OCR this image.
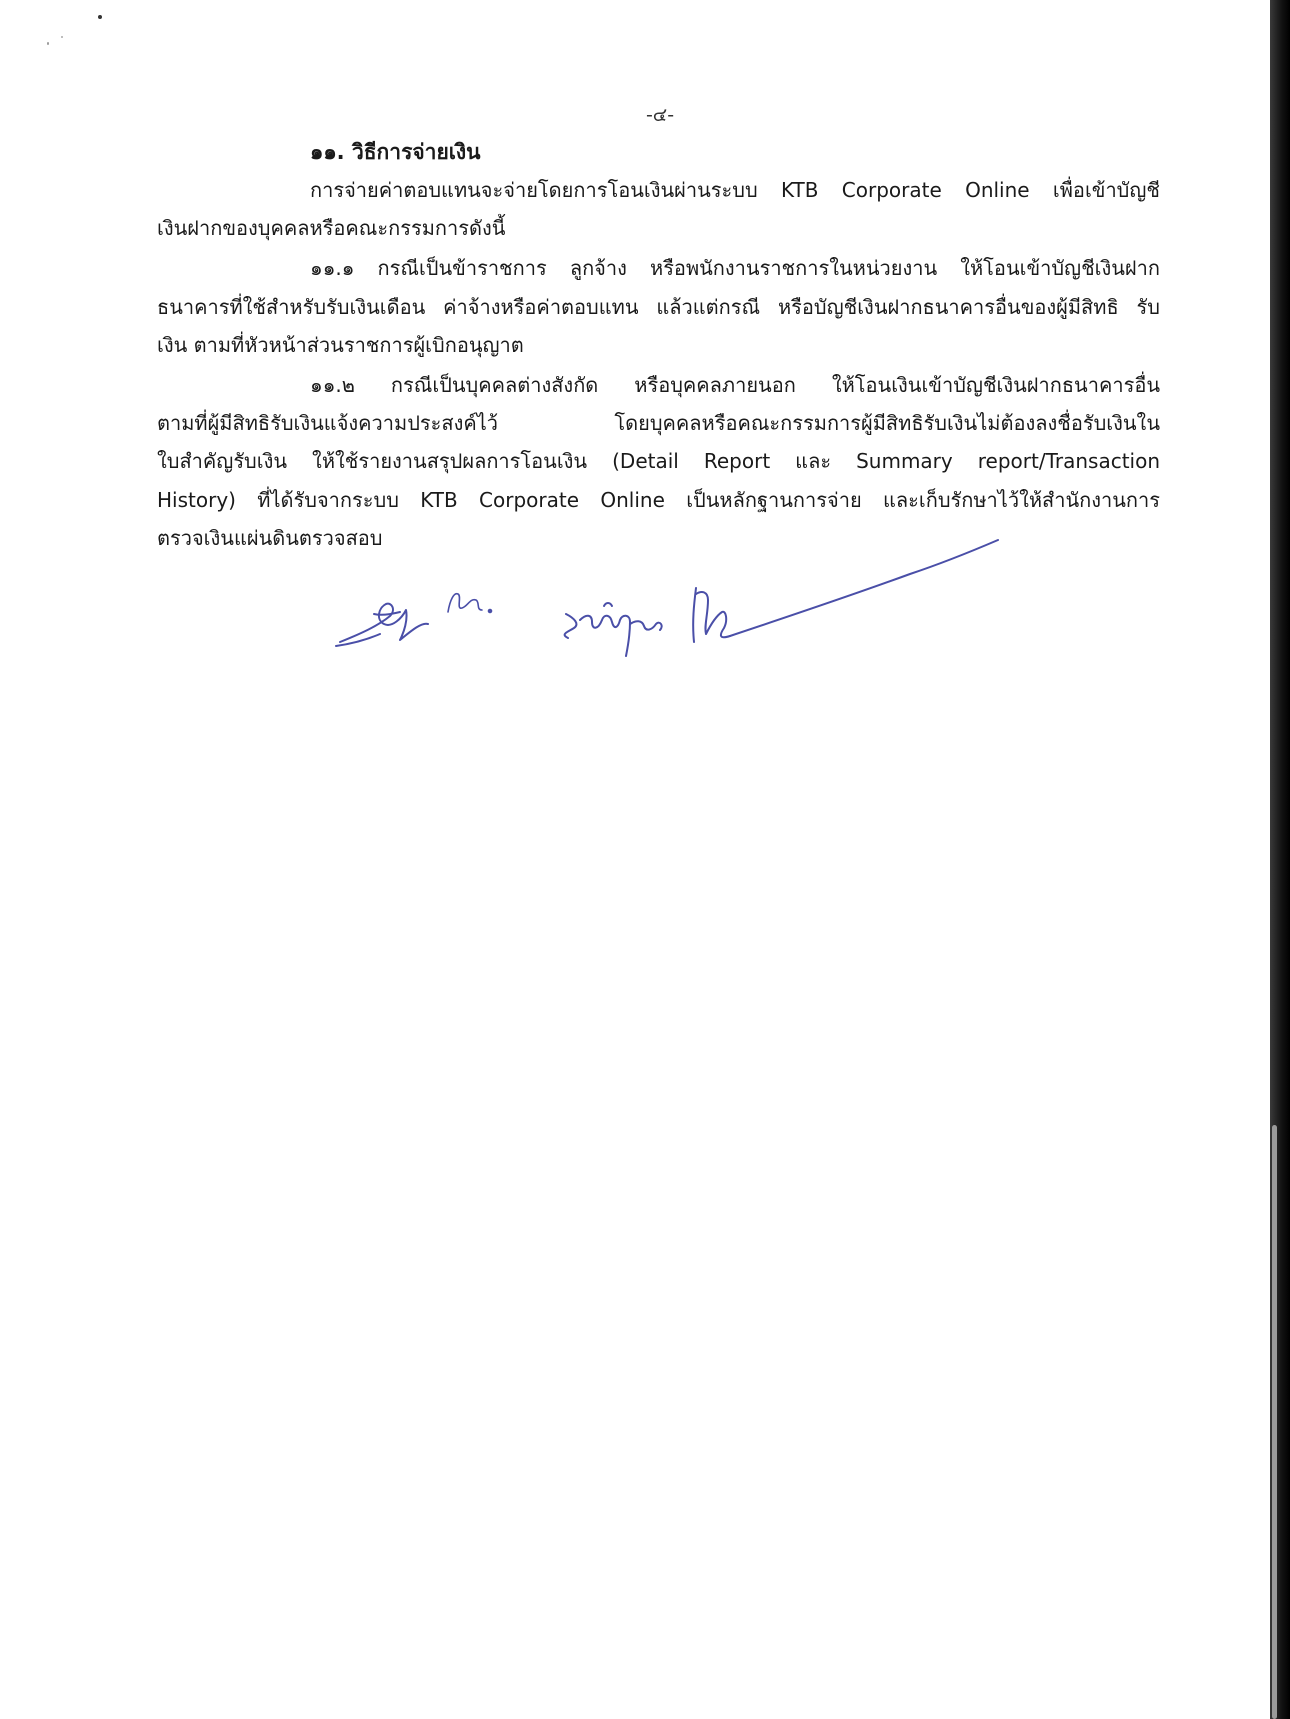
-๔-
๑๑. วิธีการจ่ายเงิน
การจ่ายค่าตอบแทนจะจ่ายโดยการโอนเงินผ่านระบบ KTB Corporate Online เพื่อเข้าบัญชี
เงินฝากของบุคคลหรือคณะกรรมการดังนี้
๑๑.๑ กรณีเป็นข้าราชการ ลูกจ้าง หรือพนักงานราชการในหน่วยงาน ให้โอนเข้าบัญชีเงินฝาก
ธนาคารที่ใช้สำหรับรับเงินเดือน ค่าจ้างหรือค่าตอบแทน แล้วแต่กรณี หรือบัญชีเงินฝากธนาคารอื่นของผู้มีสิทธิ รับ
เงิน ตามที่หัวหน้าส่วนราชการผู้เบิกอนุญาต
๑๑.๒ กรณีเป็นบุคคลต่างสังกัด หรือบุคคลภายนอก ให้โอนเงินเข้าบัญชีเงินฝากธนาคารอื่น
ตามที่ผู้มีสิทธิรับเงินแจ้งความประสงค์ไว้ โดยบุคคลหรือคณะกรรมการผู้มีสิทธิรับเงินไม่ต้องลงชื่อรับเงินใน
ใบสำคัญรับเงิน ให้ใช้รายงานสรุปผลการโอนเงิน (Detail Report และ Summary report/Transaction
History) ที่ได้รับจากระบบ KTB Corporate Online เป็นหลักฐานการจ่าย และเก็บรักษาไว้ให้สำนักงานการ
ตรวจเงินแผ่นดินตรวจสอบ
